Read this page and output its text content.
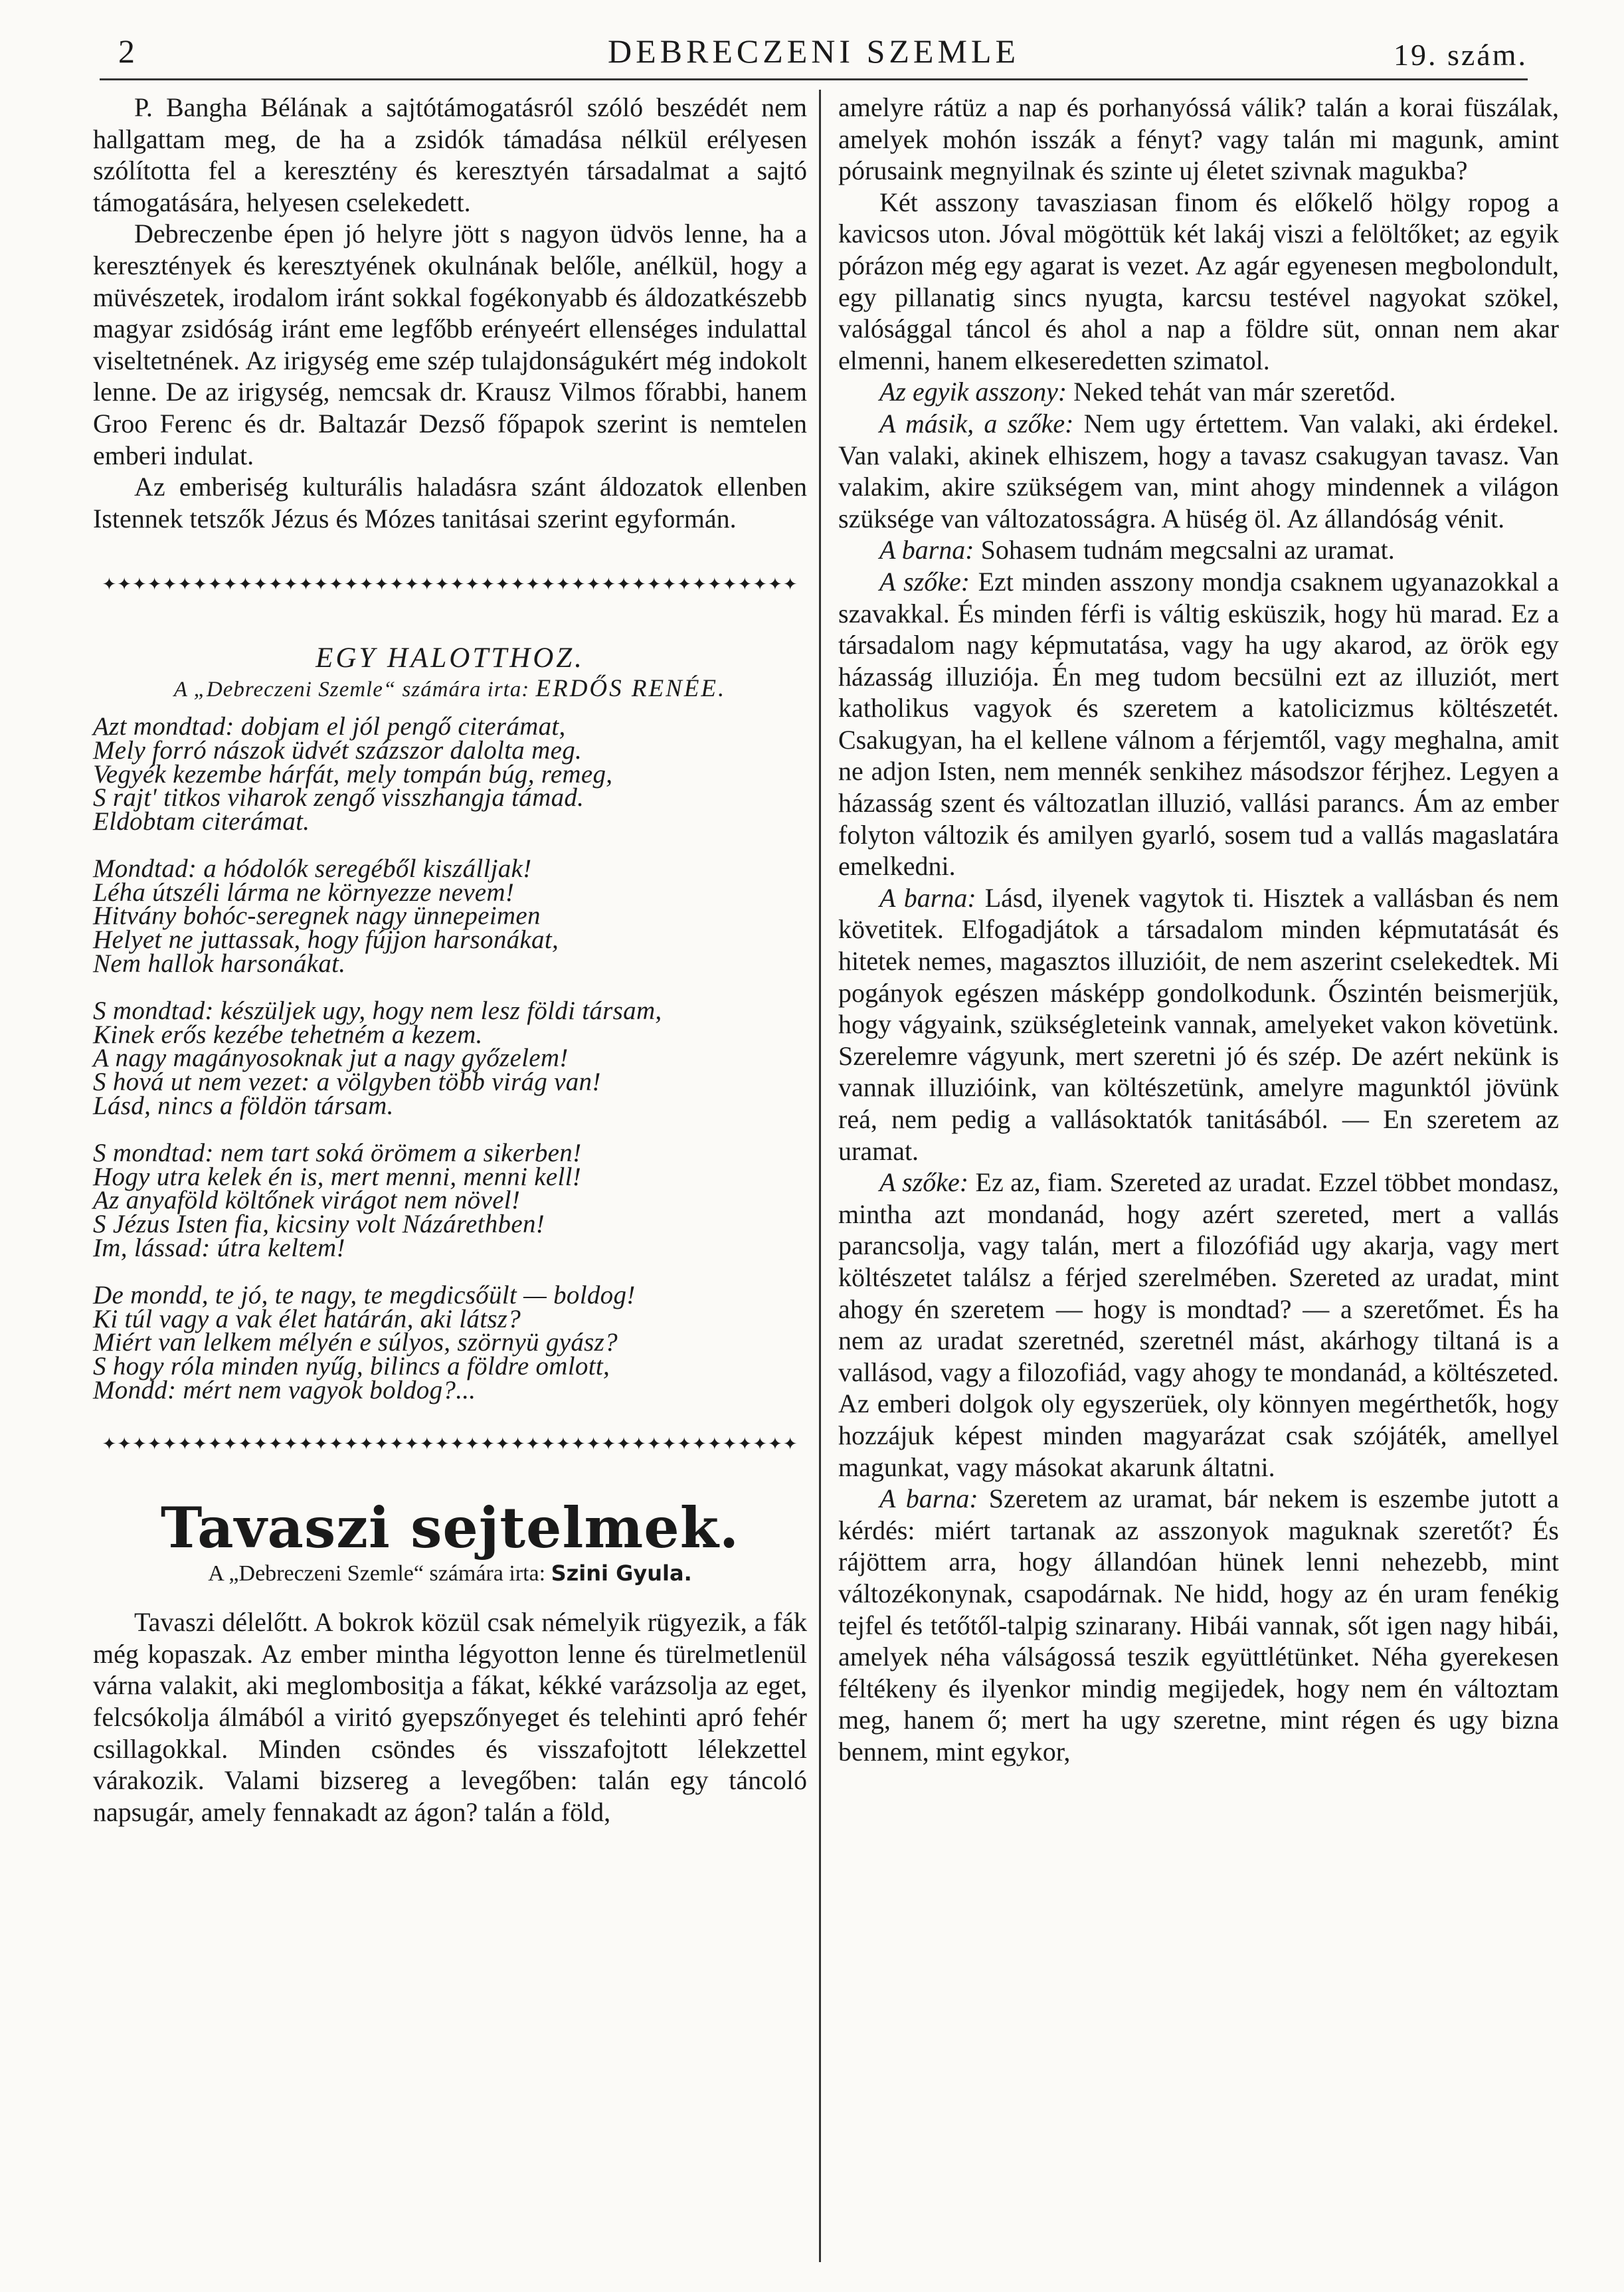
2	DEBRECZENI SZEMLE	19. szám.

P. Bangha Bélának a sajtótámogatásról szóló beszédét nem hallgattam meg, de ha a zsidók támadása nélkül erélyesen szólította fel a keresztény és keresztyén társadalmat a sajtó támogatására, helyesen cselekedett.

Debreczenbe épen jó helyre jött s nagyon üdvös lenne, ha a keresztények és keresztyének okulnának belőle, anélkül, hogy a müvészetek, irodalom iránt sokkal fogékonyabb és áldozatkészebb magyar zsidóság iránt eme legfőbb erényeért ellenséges indulattal viseltetnének. Az irigység eme szép tulajdonságukért még indokolt lenne. De az irigység, nemcsak dr. Krausz Vilmos főrabbi, hanem Groo Ferenc és dr. Baltazár Dezső főpapok szerint is nemtelen emberi indulat.

Az emberiség kulturális haladásra szánt áldozatok ellenben Istennek tetszők Jézus és Mózes tanitásai szerint egyformán.

✦✦✦✦✦✦✦✦✦✦✦✦✦✦✦✦✦✦✦✦✦✦✦✦✦✦✦✦✦✦✦✦✦✦✦✦✦✦✦✦✦✦✦✦✦✦

EGY HALOTTHOZ.

A „Debreczeni Szemle“ számára irta: ERDŐS RENÉE.

Azt mondtad: dobjam el jól pengő citerámat,

Mely forró nászok üdvét százszor dalolta meg.

Vegyék kezembe hárfát, mely tompán búg, remeg,

S rajt' titkos viharok zengő visszhangja támad.

Eldobtam citerámat.

Mondtad: a hódolók seregéből kiszálljak!

Léha útszéli lárma ne környezze nevem!

Hitvány bohóc-seregnek nagy ünnepeimen

Helyet ne juttassak, hogy fújjon harsonákat,

Nem hallok harsonákat.

S mondtad: készüljek ugy, hogy nem lesz földi társam,

Kinek erős kezébe tehetném a kezem.

A nagy magányosoknak jut a nagy győzelem!

S hová ut nem vezet: a völgyben több virág van!

Lásd, nincs a földön társam.

S mondtad: nem tart soká örömem a sikerben!

Hogy utra kelek én is, mert menni, menni kell!

Az anyaföld költőnek virágot nem növel!

S Jézus Isten fia, kicsiny volt Názárethben!

Im, lássad: útra keltem!

De mondd, te jó, te nagy, te megdicsőült — boldog!

Ki túl vagy a vak élet határán, aki látsz?

Miért van lelkem mélyén e súlyos, szörnyü gyász?

S hogy róla minden nyűg, bilincs a földre omlott,

Mondd: mért nem vagyok boldog?...

✦✦✦✦✦✦✦✦✦✦✦✦✦✦✦✦✦✦✦✦✦✦✦✦✦✦✦✦✦✦✦✦✦✦✦✦✦✦✦✦✦✦✦✦✦✦

Tavaszi sejtelmek.

A „Debreczeni Szemle“ számára irta: Szini Gyula.

Tavaszi délelőtt. A bokrok közül csak némelyik rügyezik, a fák még kopaszak. Az ember mintha légyotton lenne és türelmetlenül várna valakit, aki meglombositja a fákat, kékké varázsolja az eget, felcsókolja álmából a viritó gyepszőnyeget és telehinti apró fehér csillagokkal. Minden csöndes és visszafojtott lélekzettel várakozik. Valami bizsereg a levegőben: talán egy táncoló napsugár, amely fennakadt az ágon? talán a föld,

amelyre rátüz a nap és porhanyóssá válik? talán a korai füszálak, amelyek mohón isszák a fényt? vagy talán mi magunk, amint pórusaink megnyilnak és szinte uj életet szivnak magukba?

Két asszony tavasziasan finom és előkelő hölgy ropog a kavicsos uton. Jóval mögöttük két lakáj viszi a felöltőket; az egyik pórázon még egy agarat is vezet. Az agár egyenesen megbolondult, egy pillanatig sincs nyugta, karcsu testével nagyokat szökel, valósággal táncol és ahol a nap a földre süt, onnan nem akar elmenni, hanem elkeseredetten szimatol.

Az egyik asszony: Neked tehát van már szeretőd.

A másik, a szőke: Nem ugy értettem. Van valaki, aki érdekel. Van valaki, akinek elhiszem, hogy a tavasz csakugyan tavasz. Van valakim, akire szükségem van, mint ahogy mindennek a világon szüksége van változatosságra. A hüség öl. Az állandóság vénit.

A barna: Sohasem tudnám megcsalni az uramat.

A szőke: Ezt minden asszony mondja csaknem ugyanazokkal a szavakkal. És minden férfi is váltig esküszik, hogy hü marad. Ez a társadalom nagy képmutatása, vagy ha ugy akarod, az örök egy házasság illuziója. Én meg tudom becsülni ezt az illuziót, mert katholikus vagyok és szeretem a katolicizmus költészetét. Csakugyan, ha el kellene válnom a férjemtől, vagy meghalna, amit ne adjon Isten, nem mennék senkihez másodszor férjhez. Legyen a házasság szent és változatlan illuzió, vallási parancs. Ám az ember folyton változik és amilyen gyarló, sosem tud a vallás magaslatára emelkedni.

A barna: Lásd, ilyenek vagytok ti. Hisztek a vallásban és nem követitek. Elfogadjátok a társadalom minden képmutatását és hitetek nemes, magasztos illuzióit, de nem aszerint cselekedtek. Mi pogányok egészen másképp gondolkodunk. Őszintén beismerjük, hogy vágyaink, szükségleteink vannak, amelyeket vakon követünk. Szerelemre vágyunk, mert szeretni jó és szép. De azért nekünk is vannak illuzióink, van költészetünk, amelyre magunktól jövünk reá, nem pedig a vallásoktatók tanitásából. — En szeretem az uramat.

A szőke: Ez az, fiam. Szereted az uradat. Ezzel többet mondasz, mintha azt mondanád, hogy azért szereted, mert a vallás parancsolja, vagy talán, mert a filozófiád ugy akarja, vagy mert költészetet találsz a férjed szerelmében. Szereted az uradat, mint ahogy én szeretem — hogy is mondtad? — a szeretőmet. És ha nem az uradat szeretnéd, szeretnél mást, akárhogy tiltaná is a vallásod, vagy a filozofiád, vagy ahogy te mondanád, a költészeted. Az emberi dolgok oly egyszerüek, oly könnyen megérthetők, hogy hozzájuk képest minden magyarázat csak szójáték, amellyel magunkat, vagy másokat akarunk áltatni.

A barna: Szeretem az uramat, bár nekem is eszembe jutott a kérdés: miért tartanak az asszonyok maguknak szeretőt? És rájöttem arra, hogy állandóan hünek lenni nehezebb, mint változékonynak, csapodárnak. Ne hidd, hogy az én uram fenékig tejfel és tetőtől-talpig szinarany. Hibái vannak, sőt igen nagy hibái, amelyek néha válságossá teszik együttlétünket. Néha gyerekesen féltékeny és ilyenkor mindig megijedek, hogy nem én változtam meg, hanem ő; mert ha ugy szeretne, mint régen és ugy bizna bennem, mint egykor,
